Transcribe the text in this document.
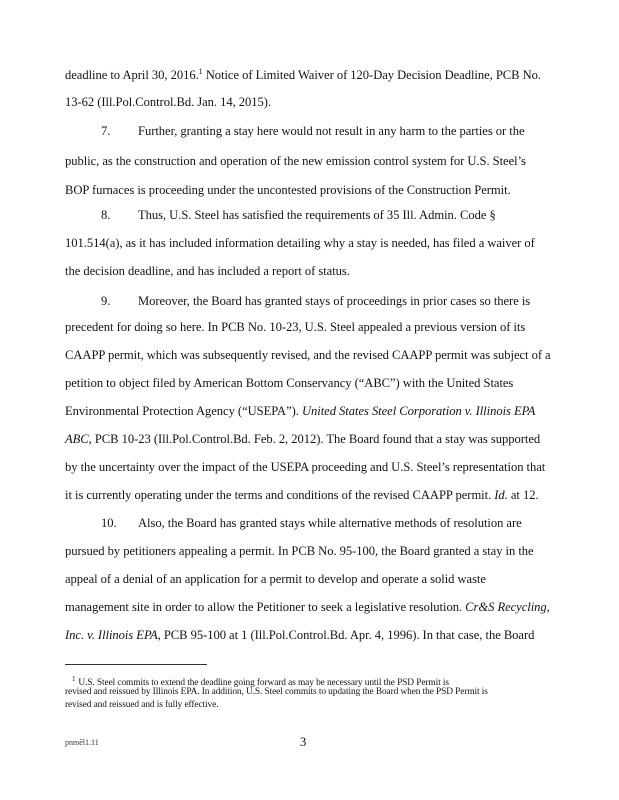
deadline to April 30, 2016.$^1$ Notice of Limited Waiver of 120-Day Decision Deadline, PCB No.
13-62 (Ill.Pol.Control.Bd. Jan. 14, 2015).
7. Further, granting a stay here would not result in any harm to the parties or the
public, as the construction and operation of the new emission control system for U.S. Steel’s
BOP furnaces is proceeding under the uncontested provisions of the Construction Permit.
8. Thus, U.S. Steel has satisfied the requirements of 35 Ill. Admin. Code §
101.514(a), as it has included information detailing why a stay is needed, has filed a waiver of
the decision deadline, and has included a report of status.
9. Moreover, the Board has granted stays of proceedings in prior cases so there is
precedent for doing so here. In PCB No. 10-23, U.S. Steel appealed a previous version of its
CAAPP permit, which was subsequently revised, and the revised CAAPP permit was subject of a
petition to object filed by American Bottom Conservancy (“ABC”) with the United States
Environmental Protection Agency (“USEPA”). United States Steel Corporation v. Illinois EPA
ABC, PCB 10-23 (Ill.Pol.Control.Bd. Feb. 2, 2012). The Board found that a stay was supported
by the uncertainty over the impact of the USEPA proceeding and U.S. Steel’s representation that
it is currently operating under the terms and conditions of the revised CAAPP permit. Id. at 12.
10. Also, the Board has granted stays while alternative methods of resolution are
pursued by petitioners appealing a permit. In PCB No. 95-100, the Board granted a stay in the
appeal of a denial of an application for a permit to develop and operate a solid waste
management site in order to allow the Petitioner to seek a legislative resolution. Cr&S Recycling,
Inc. v. Illinois EPA, PCB 95-100 at 1 (Ill.Pol.Control.Bd. Apr. 4, 1996). In that case, the Board
$^1$ U.S. Steel commits to extend the deadline going forward as may be necessary until the PSD Permit is
revised and reissued by Illinois EPA. In addition, U.S. Steel commits to updating the Board when the PSD Permit is
revised and reissued and is fully effective.
pnmẽl1.11	3
